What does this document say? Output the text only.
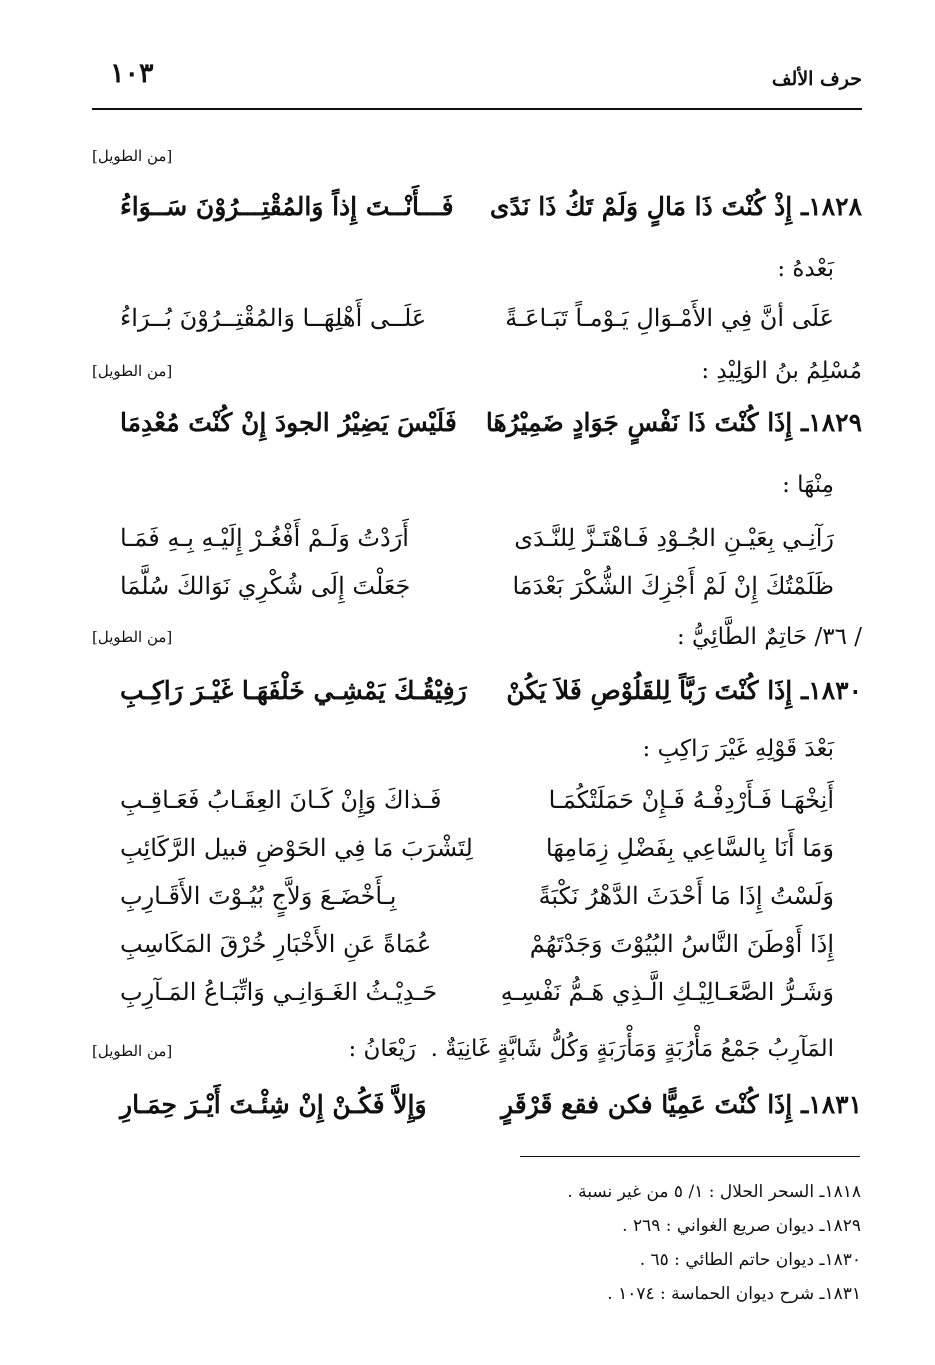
حرف الألف
١٠٣
[من الطويل]
١٨٢٨ـ إِذْ كُنْتَ ذَا مَالٍ وَلَمْ تَكُ ذَا نَدًى
فَـــأَنْــتَ إِذاً وَالمُقْتِـــرُوْنَ سَــوَاءُ
بَعْدهُ :
عَلَى أنَّ فِي الأَمْـوَالِ يَـوْمـاً تَبَـاعَـةً
عَلَــى أَهْلِهَــا وَالمُقْتِــرُوْنَ بُــرَاءُ
مُسْلِمُ بنُ الوَلِيْدِ :
[من الطويل]
١٨٢٩ـ إِذَا كُنْتَ ذَا نَفْسٍ جَوَادٍ ضَمِيْرُهَا
فَلَيْسَ يَضِيْرُ الجودَ إِنْ كُنْتَ مُعْدِمَا
مِنْهَا :
رَآنِـي بِعَيْـنِ الجُـوْدِ فَـاهْتَـزَّ لِلنَّـدَى
أَرَدْتُ وَلَـمْ أَفْغُـرْ إِلَيْـهِ بِـهِ فَمَـا
ظَلَمْتُكَ إِنْ لَمْ أَجْزِكَ الشُّكْرَ بَعْدَمَا
جَعَلْتَ إِلَى شُكْرِي نَوَالكَ سُلَّمَا
/ ٣٦/ حَاتِمٌ الطَّائِيُّ :
[من الطويل]
١٨٣٠ـ إِذَا كُنْتَ رَبَّاً لِلقَلُوْصِ فَلاَ يَكُنْ
رَفِيْقُـكَ يَمْشِـي خَلْفَهَـا غَيْـرَ رَاكِـبِ
بَعْدَ قَوْلِهِ غَيْرَ رَاكِبِ :
أَنِخْهَـا فَـأَرْدِفْـهُ فَـإِنْ حَمَلَتْكُمَـا
فَـذاكَ وَإِنْ كَـانَ العِقَـابُ فَعَـاقِـبِ
وَمَا أَنَا بِالسَّاعِي بِفَضْلِ زِمَامِهَا
لِتَشْرَبَ مَا فِي الحَوْضِ قبيل الرَّكَائِبِ
وَلَسْتُ إِذَا مَا أَحْدَثَ الدَّهْرُ نَكْبَةً
بِـأَخْضَـعَ وَلاَّجٍ بُيُـوْتَ الأَقَـارِبِ
إِذَا أَوْطَنَ النَّاسُ البُيُوْتَ وَجَدْتَهُمْ
عُمَاةً عَنِ الأَخْبَارِ خُرْقَ المَكَاسِبِ
وَشَـرُّ الصَّعَـالِيْـكِ الَّـذِي هَـمُّ نَفْسِـهِ
حَـدِيْـثُ الغَـوَانِـي وَاتِّبَـاعُ المَـآرِبِ
المَآرِبُ جَمْعُ مَأْرُبَةٍ وَمَأْرَبَةٍ وَكُلُّ شَابَّةٍ غَانِيَةٌ .  رَيْعَانُ :
[من الطويل]
١٨٣١ـ إِذَا كُنْتَ عَمِيًّا فكن فقع قَرْقَرٍ
وَإِلاَّ فَكُـنْ إِنْ شِئْـتَ أَيْـرَ حِمَـارِ
١٨١٨ـ السحر الحلال : ١/ ٥ من غير نسبة .
١٨٢٩ـ ديوان صريع الغواني : ٢٦٩ .
١٨٣٠ـ ديوان حاتم الطائي : ٦٥ .
١٨٣١ـ شرح ديوان الحماسة : ١٠٧٤ .
